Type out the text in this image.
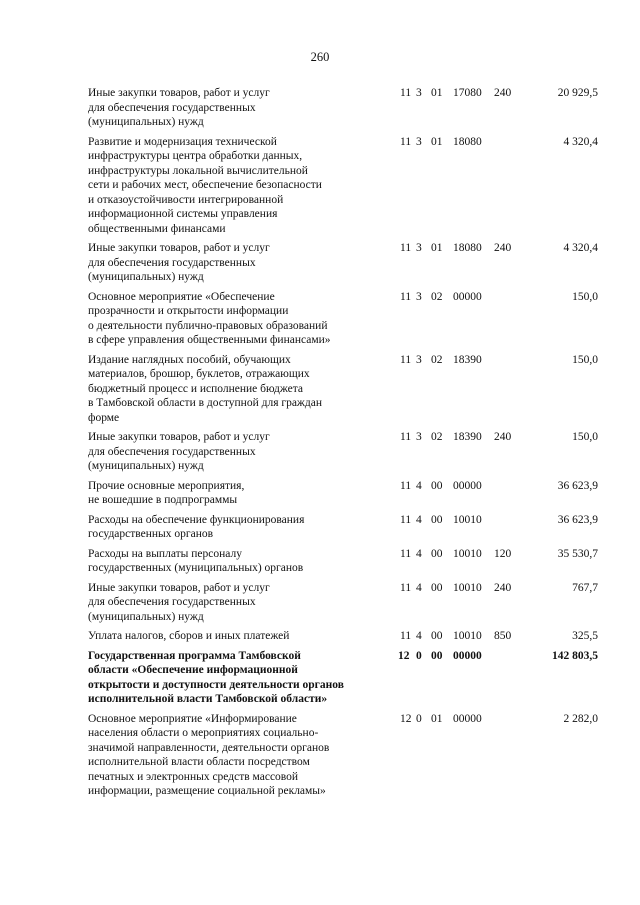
260
Иные закупки товаров, работ и услуг
для обеспечения государственных
(муниципальных) нужд
11 3 01 17080 240	20 929,5
Развитие и модернизация технической
инфраструктуры центра обработки данных,
инфраструктуры локальной вычислительной
сети и рабочих мест, обеспечение безопасности
и отказоустойчивости интегрированной
информационной системы управления
общественными финансами
11 3 01 18080	4 320,4
Иные закупки товаров, работ и услуг
для обеспечения государственных
(муниципальных) нужд
11 3 01 18080 240	4 320,4
Основное мероприятие «Обеспечение
прозрачности и открытости информации
о деятельности публично-правовых образований
в сфере управления общественными финансами»
11 3 02 00000	150,0
Издание наглядных пособий, обучающих
материалов, брошюр, буклетов, отражающих
бюджетный процесс и исполнение бюджета
в Тамбовской области в доступной для граждан
форме
11 3 02 18390	150,0
Иные закупки товаров, работ и услуг
для обеспечения государственных
(муниципальных) нужд
11 3 02 18390 240	150,0
Прочие основные мероприятия,
не вошедшие в подпрограммы
11 4 00 00000	36 623,9
Расходы на обеспечение функционирования
государственных органов
11 4 00 10010	36 623,9
Расходы на выплаты персоналу
государственных (муниципальных) органов
11 4 00 10010 120	35 530,7
Иные закупки товаров, работ и услуг
для обеспечения государственных
(муниципальных) нужд
11 4 00 10010 240	767,7
Уплата налогов, сборов и иных платежей	11 4 00 10010 850	325,5
Государственная программа Тамбовской
области «Обеспечение информационной
открытости и доступности деятельности органов
исполнительной власти Тамбовской области»
12 0 00 00000	142 803,5
Основное мероприятие «Информирование
населения области о мероприятиях социально-
значимой направленности, деятельности органов
исполнительной власти области посредством
печатных и электронных средств массовой
информации, размещение социальной рекламы»
12 0 01 00000	2 282,0
